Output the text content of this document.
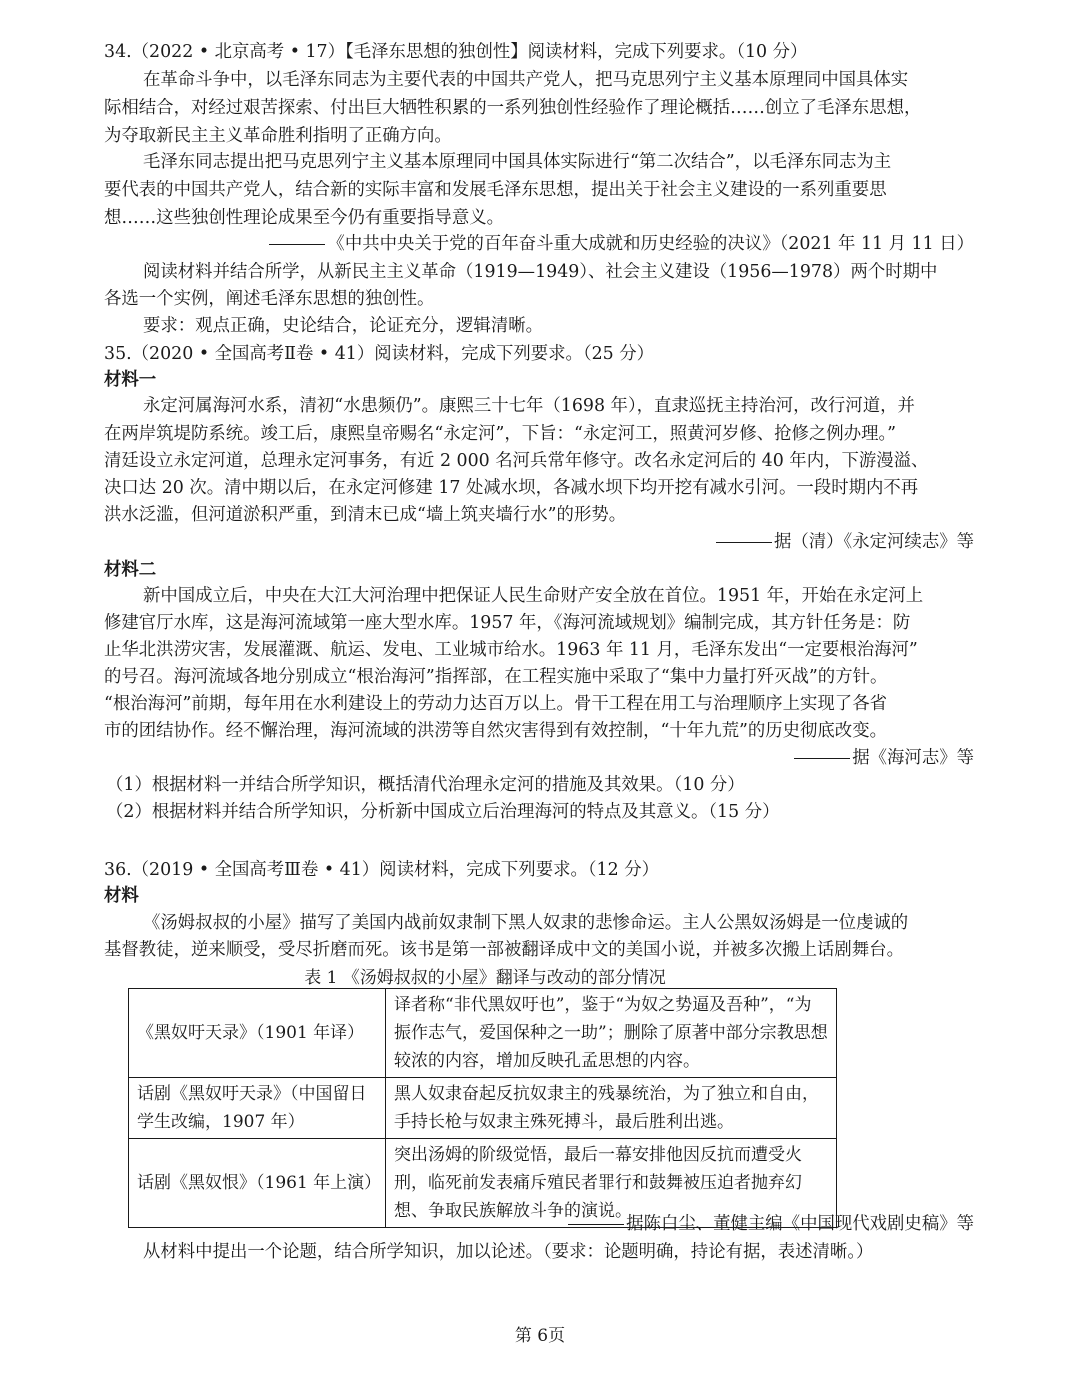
34.（2022 • 北京高考 • 17）【毛泽东思想的独创性】阅读材料，完成下列要求。（10 分）
在革命斗争中，以毛泽东同志为主要代表的中国共产党人，把马克思列宁主义基本原理同中国具体实
际相结合，对经过艰苦探索、付出巨大牺牲积累的一系列独创性经验作了理论概括……创立了毛泽东思想，
为夺取新民主主义革命胜利指明了正确方向。
毛泽东同志提出把马克思列宁主义基本原理同中国具体实际进行“第二次结合”，以毛泽东同志为主
要代表的中国共产党人，结合新的实际丰富和发展毛泽东思想，提出关于社会主义建设的一系列重要思
想……这些独创性理论成果至今仍有重要指导意义。
《中共中央关于党的百年奋斗重大成就和历史经验的决议》（2021 年 11 月 11 日）
阅读材料并结合所学，从新民主主义革命（1919—1949）、社会主义建设（1956—1978）两个时期中
各选一个实例，阐述毛泽东思想的独创性。
要求：观点正确，史论结合，论证充分，逻辑清晰。
35.（2020 • 全国高考Ⅱ卷 • 41）阅读材料，完成下列要求。（25 分）
材料一
永定河属海河水系，清初“水患频仍”。康熙三十七年（1698 年），直隶巡抚主持治河，改行河道，并
在两岸筑堤防系统。竣工后，康熙皇帝赐名“永定河”，下旨：“永定河工，照黄河岁修、抢修之例办理。”
清廷设立永定河道，总理永定河事务，有近 2 000 名河兵常年修守。改名永定河后的 40 年内，下游漫溢、
决口达 20 次。清中期以后，在永定河修建 17 处减水坝，各减水坝下均开挖有减水引河。一段时期内不再
洪水泛滥，但河道淤积严重，到清末已成“墙上筑夹墙行水”的形势。
据（清）《永定河续志》等
材料二
新中国成立后，中央在大江大河治理中把保证人民生命财产安全放在首位。1951 年，开始在永定河上
修建官厅水库，这是海河流域第一座大型水库。1957 年，《海河流域规划》编制完成，其方针任务是：防
止华北洪涝灾害，发展灌溉、航运、发电、工业城市给水。1963 年 11 月，毛泽东发出“一定要根治海河”
的号召。海河流域各地分别成立“根治海河”指挥部，在工程实施中采取了“集中力量打歼灭战”的方针。
“根治海河”前期，每年用在水利建设上的劳动力达百万以上。骨干工程在用工与治理顺序上实现了各省
市的团结协作。经不懈治理，海河流域的洪涝等自然灾害得到有效控制，“十年九荒”的历史彻底改变。
据《海河志》等
（1）根据材料一并结合所学知识，概括清代治理永定河的措施及其效果。（10 分）
（2）根据材料并结合所学知识，分析新中国成立后治理海河的特点及其意义。（15 分）
36.（2019 • 全国高考Ⅲ卷 • 41）阅读材料，完成下列要求。（12 分）
材料
《汤姆叔叔的小屋》描写了美国内战前奴隶制下黑人奴隶的悲惨命运。主人公黑奴汤姆是一位虔诚的
基督教徒，逆来顺受，受尽折磨而死。该书是第一部被翻译成中文的美国小说，并被多次搬上话剧舞台。
表 1 《汤姆叔叔的小屋》翻译与改动的部分情况
《黑奴吁天录》（1901 年译）	译者称“非代黑奴吁也”，鉴于“为奴之势逼及吾种”，“为振作志气，爱国保种之一助”；删除了原著中部分宗教思想较浓的内容，增加反映孔孟思想的内容。
话剧《黑奴吁天录》（中国留日学生改编，1907 年）	黑人奴隶奋起反抗奴隶主的残暴统治，为了独立和自由，手持长枪与奴隶主殊死搏斗，最后胜利出逃。
话剧《黑奴恨》（1961 年上演）	突出汤姆的阶级觉悟，最后一幕安排他因反抗而遭受火刑，临死前发表痛斥殖民者罪行和鼓舞被压迫者抛弃幻想、争取民族解放斗争的演说。
据陈白尘、董健主编《中国现代戏剧史稿》等
从材料中提出一个论题，结合所学知识，加以论述。（要求：论题明确，持论有据，表述清晰。）
第 6页
